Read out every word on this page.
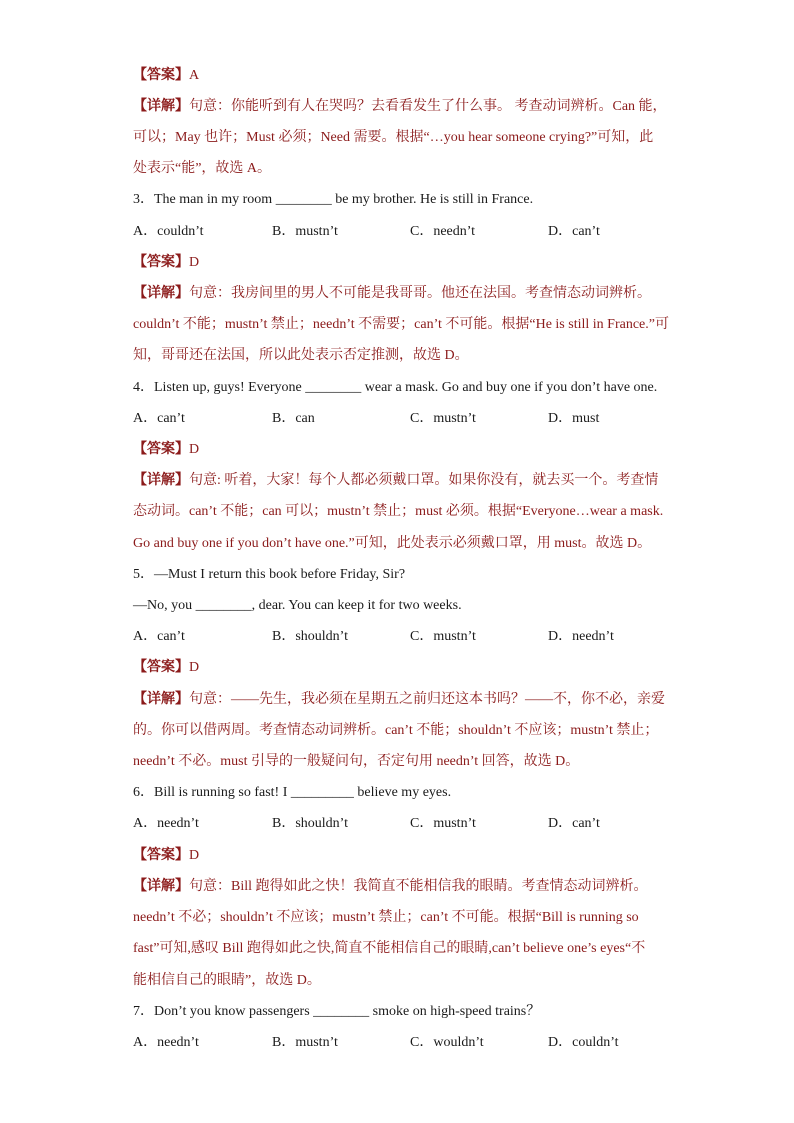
【答案】A
【详解】句意：你能听到有人在哭吗？去看看发生了什么事。 考查动词辨析。Can 能，
可以；May 也许；Must 必须；Need 需要。根据“…you hear someone crying?”可知，此
处表示“能”，故选 A。
3．The man in my room ________ be my brother. He is still in France.
A．couldn’t	B．mustn’t	C．needn’t	D．can’t
【答案】D
【详解】句意：我房间里的男人不可能是我哥哥。他还在法国。考查情态动词辨析。
couldn’t 不能；mustn’t 禁止；needn’t 不需要；can’t 不可能。根据“He is still in France.”可
知，哥哥还在法国，所以此处表示否定推测，故选 D。
4．Listen up, guys! Everyone ________ wear a mask. Go and buy one if you don’t have one.
A．can’t	B．can	C．mustn’t	D．must
【答案】D
【详解】句意: 听着，大家！每个人都必须戴口罩。如果你没有，就去买一个。考查情
态动词。can’t 不能；can 可以；mustn’t 禁止；must 必须。根据“Everyone…wear a mask.
Go and buy one if you don’t have one.”可知，此处表示必须戴口罩，用 must。故选 D。
5．—Must I return this book before Friday, Sir?
—No, you ________, dear. You can keep it for two weeks.
A．can’t	B．shouldn’t	C．mustn’t	D．needn’t
【答案】D
【详解】句意：——先生，我必须在星期五之前归还这本书吗？——不，你不必，亲爱
的。你可以借两周。考查情态动词辨析。can’t 不能；shouldn’t 不应该；mustn’t 禁止；
needn’t 不必。must 引导的一般疑问句，否定句用 needn’t 回答，故选 D。
6．Bill is running so fast! I _________ believe my eyes.
A．needn’t	B．shouldn’t	C．mustn’t	D．can’t
【答案】D
【详解】句意：Bill 跑得如此之快！我简直不能相信我的眼睛。考查情态动词辨析。
needn’t 不必；shouldn’t 不应该；mustn’t 禁止；can’t 不可能。根据“Bill is running so
fast”可知,感叹 Bill 跑得如此之快,简直不能相信自己的眼睛,can’t believe one’s eyes“不
能相信自己的眼睛”，故选 D。
7．Don’t you know passengers ________ smoke on high-speed trains？
A．needn’t	B．mustn’t	C．wouldn’t	D．couldn’t
